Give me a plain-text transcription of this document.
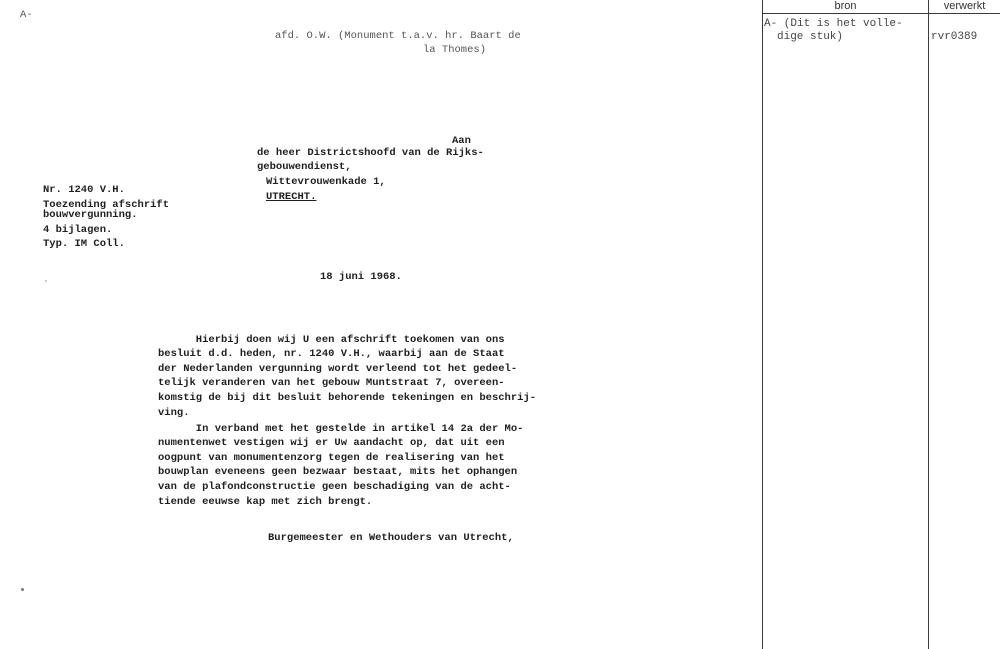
A-
afd. O.W. (Monument t.a.v. hr. Baart de
la Thomes)
Aan
de heer Districtshoofd van de Rijks-
gebouwendienst,
Wittevrouwenkade 1,
UTRECHT.
Nr. 1240 V.H.
Toezending afschrift
bouwvergunning.
4 bijlagen.
Typ. IM Coll.
18 juni 1968.
Hierbij doen wij U een afschrift toekomen van ons
besluit d.d. heden, nr. 1240 V.H., waarbij aan de Staat
der Nederlanden vergunning wordt verleend tot het gedeel-
telijk veranderen van het gebouw Muntstraat 7, overeen-
komstig de bij dit besluit behorende tekeningen en beschrij-
ving.
In verband met het gestelde in artikel 14 2a der Mo-
numentenwet vestigen wij er Uw aandacht op, dat uit een
oogpunt van monumentenzorg tegen de realisering van het
bouwplan eveneens geen bezwaar bestaat, mits het ophangen
van de plafondconstructie geen beschadiging van de acht-
tiende eeuwse kap met zich brengt.
Burgemeester en Wethouders van Utrecht,
bron	verwerkt
A- (Dit is het volle-
dige stuk)	rvr0389
